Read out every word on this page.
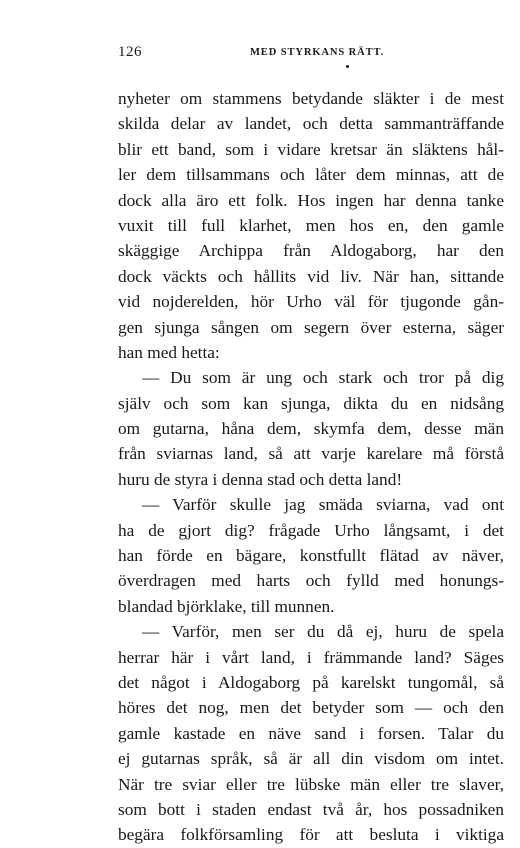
126	MED STYRKANS RÄTT.
nyheter om stammens betydande släkter i de mest
skilda delar av landet, och detta sammanträffande
blir ett band, som i vidare kretsar än släktens hål-
ler dem tillsammans och låter dem minnas, att de
dock alla äro ett folk. Hos ingen har denna tanke
vuxit till full klarhet, men hos en, den gamle
skäggige Archippa från Aldogaborg, har den
dock väckts och hållits vid liv. När han, sittande
vid nojderelden, hör Urho väl för tjugonde gån-
gen sjunga sången om segern över esterna, säger
han med hetta:
— Du som är ung och stark och tror på dig
själv och som kan sjunga, dikta du en nidsång
om gutarna, håna dem, skymfa dem, desse män
från sviarnas land, så att varje karelare må förstå
huru de styra i denna stad och detta land!
— Varför skulle jag smäda sviarna, vad ont
ha de gjort dig? frågade Urho långsamt, i det
han förde en bägare, konstfullt flätad av näver,
överdragen med harts och fylld med honungs-
blandad björklake, till munnen.
— Varför, men ser du då ej, huru de spela
herrar här i vårt land, i främmande land? Säges
det något i Aldogaborg på karelskt tungomål, så
höres det nog, men det betyder som — och den
gamle kastade en näve sand i forsen. Talar du
ej gutarnas språk, så är all din visdom om intet.
När tre sviar eller tre lübske män eller tre slaver,
som bott i staden endast två år, hos possadniken
begära folkförsamling för att besluta i viktiga
